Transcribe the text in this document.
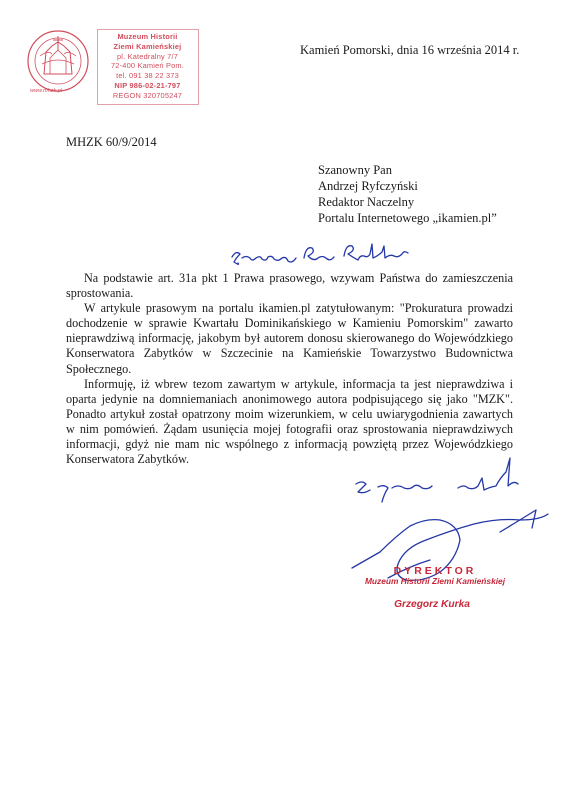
www.mhzk.pl
Muzeum Historii
Ziemi Kamieńskiej
pl. Katedralny 7/7
72-400 Kamień Pom.
tel. 091 38 22 373
NIP 986-02-21-797
REGON 320705247
Kamień Pomorski, dnia 16 września 2014 r.
MHZK 60/9/2014
Szanowny Pan
Andrzej Ryfczyński
Redaktor Naczelny
Portalu Internetowego „ikamien.pl”

Na podstawie art. 31a pkt 1 Prawa prasowego, wzywam Państwa do zamieszczenia sprostowania.

W artykule prasowym na portalu ikamien.pl zatytułowanym: "Prokuratura prowadzi dochodzenie w sprawie Kwartału Dominikańskiego w Kamieniu Pomorskim" zawarto nieprawdziwą informację, jakobym był autorem donosu skierowanego do Wojewódzkiego Konserwatora Zabytków w Szczecinie na Kamieńskie Towarzystwo Budownictwa Społecznego.

Informuję, iż wbrew tezom zawartym w artykule, informacja ta jest nieprawdziwa i oparta jedynie na domniemaniach anonimowego autora podpisującego się jako "MZK". Ponadto artykuł został opatrzony moim wizerunkiem, w celu uwiarygodnienia zawartych w nim pomówień. Żądam usunięcia mojej fotografii oraz sprostowania nieprawdziwych informacji, gdyż nie mam nic wspólnego z informacją powziętą przez Wojewódzkiego Konserwatora Zabytków.

DYREKTOR
Muzeum Historii Ziemi Kamieńskiej
Grzegorz Kurka
